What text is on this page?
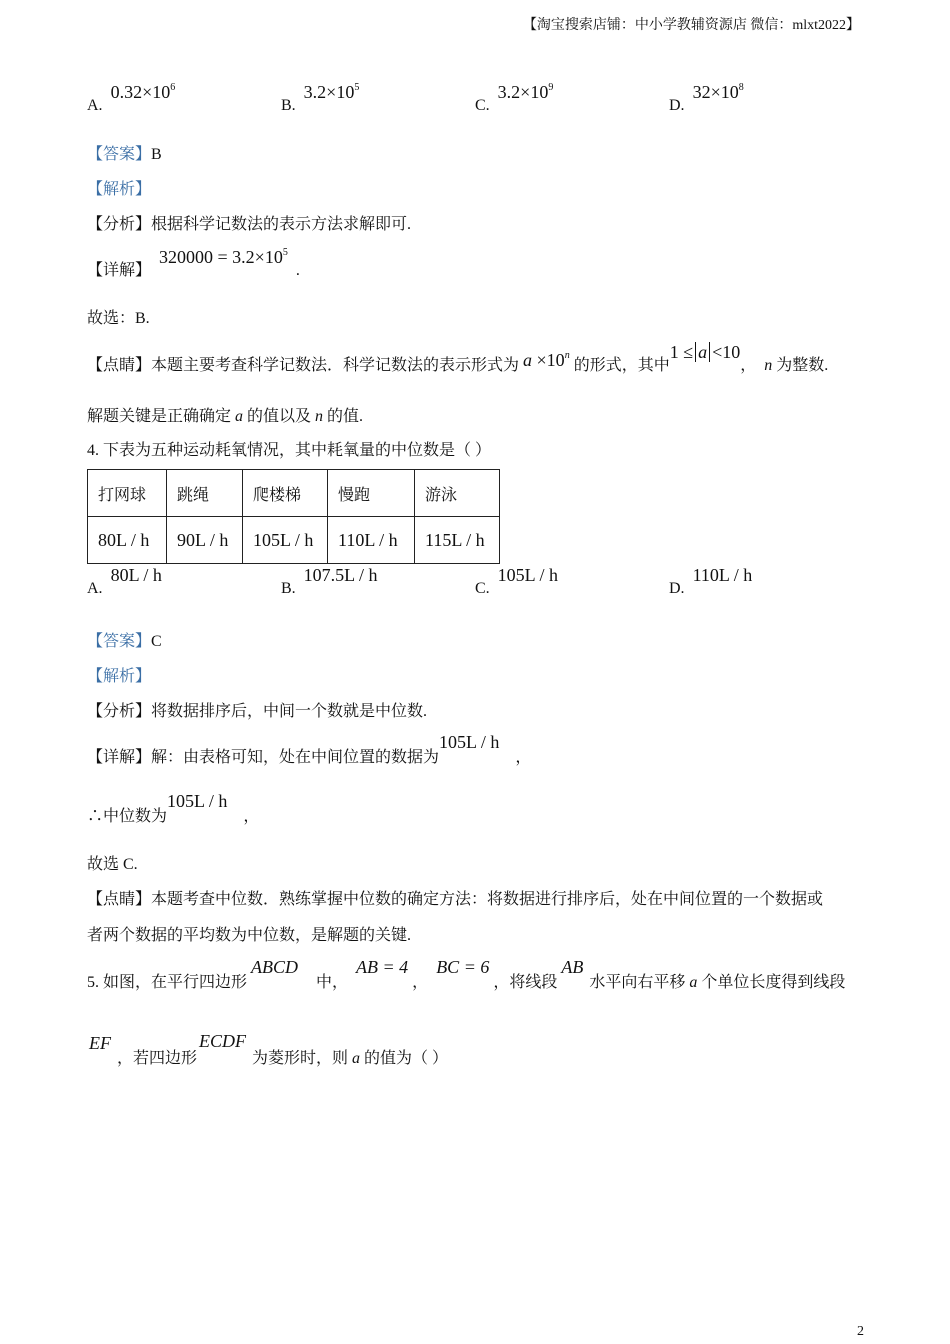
【淘宝搜索店铺：中小学教辅资源店 微信：mlxt2022】
A. $0.32\times 10^6$
B. $3.2\times 10^5$
C. $3.2\times 10^9$
D. $32\times 10^8$
【答案】B
【解析】
【分析】根据科学记数法的表示方法求解即可.
【详解】 $320000 = 3.2\times 10^5$ .
故选：B.
【点睛】本题主要考查科学记数法．科学记数法的表示形式为 $a \times 10^n$ 的形式，其中1 ≤ a <10， n 为整数.
解题关键是正确确定 a 的值以及 n 的值.
4. 下表为五种运动耗氧情况，其中耗氧量的中位数是（ ）
打网球	跳绳	爬楼梯	慢跑	游泳
80L / h	90L / h	105L / h	110L / h	115L / h
A. 80L / h
B. 107.5L / h
C. 105L / h
D. 110L / h
【答案】C
【解析】
【分析】将数据排序后，中间一个数就是中位数.
【详解】解：由表格可知，处在中间位置的数据为105L / h，
∴中位数为105L / h，
故选 C.
【点睛】本题考查中位数．熟练掌握中位数的确定方法：将数据进行排序后，处在中间位置的一个数据或
者两个数据的平均数为中位数，是解题的关键.
5. 如图，在平行四边形ABCD中，AB = 4，BC = 6，将线段AB水平向右平移 a 个单位长度得到线段
EF，若四边形ECDF为菱形时，则 a 的值为（ ）
2
